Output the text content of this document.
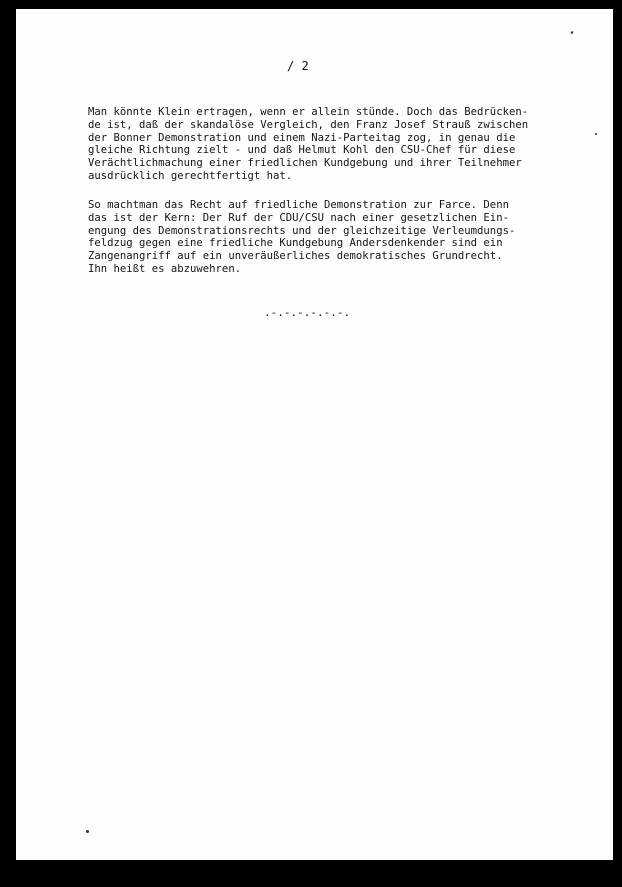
/ 2
Man könnte Klein ertragen, wenn er allein stünde. Doch das Bedrücken-
de ist, daß der skandalöse Vergleich, den Franz Josef Strauß zwischen
der Bonner Demonstration und einem Nazi-Parteitag zog, in genau die
gleiche Richtung zielt - und daß Helmut Kohl den CSU-Chef für diese
Verächtlichmachung einer friedlichen Kundgebung und ihrer Teilnehmer
ausdrücklich gerechtfertigt hat.
So machtman das Recht auf friedliche Demonstration zur Farce. Denn
das ist der Kern: Der Ruf der CDU/CSU nach einer gesetzlichen Ein-
engung des Demonstrationsrechts und der gleichzeitige Verleumdungs-
feldzug gegen eine friedliche Kundgebung Andersdenkender sind ein
Zangenangriff auf ein unveräußerliches demokratisches Grundrecht.
Ihn heißt es abzuwehren.
.-.-.-.-.-.-.
